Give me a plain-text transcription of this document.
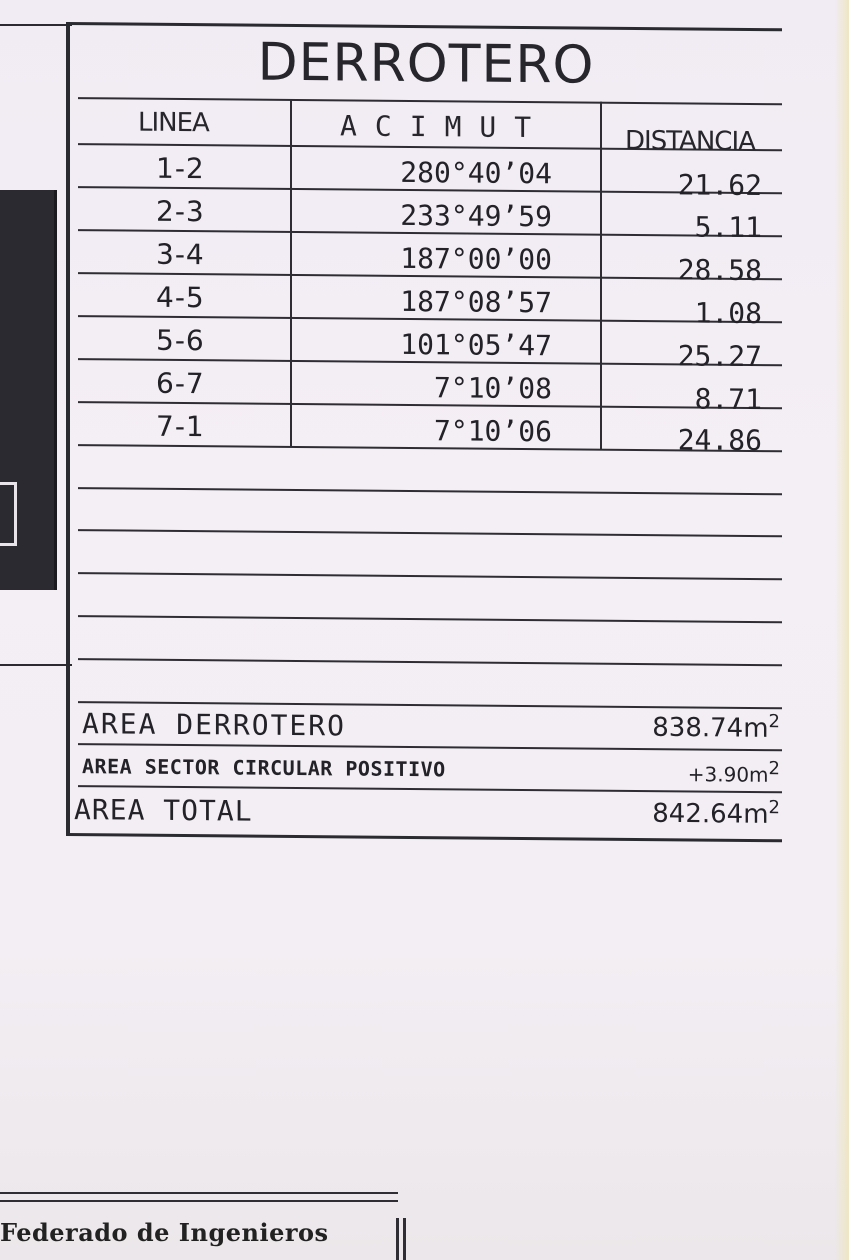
DERROTERO
LINEA	ACIMUT	DISTANCIA
1-2	280°40’04	21.62
2-3	233°49’59	5.11
3-4	187°00’00	28.58
4-5	187°08’57	1.08
5-6	101°05’47	25.27
6-7	7°10’08	8.71
7-1	7°10’06	24.86
AREA DERROTERO	$838.74m^2$
AREA SECTOR CIRCULAR POSITIVO	$+3.90m^2$
AREA TOTAL	$842.64m^2$
Federado de Ingenieros
